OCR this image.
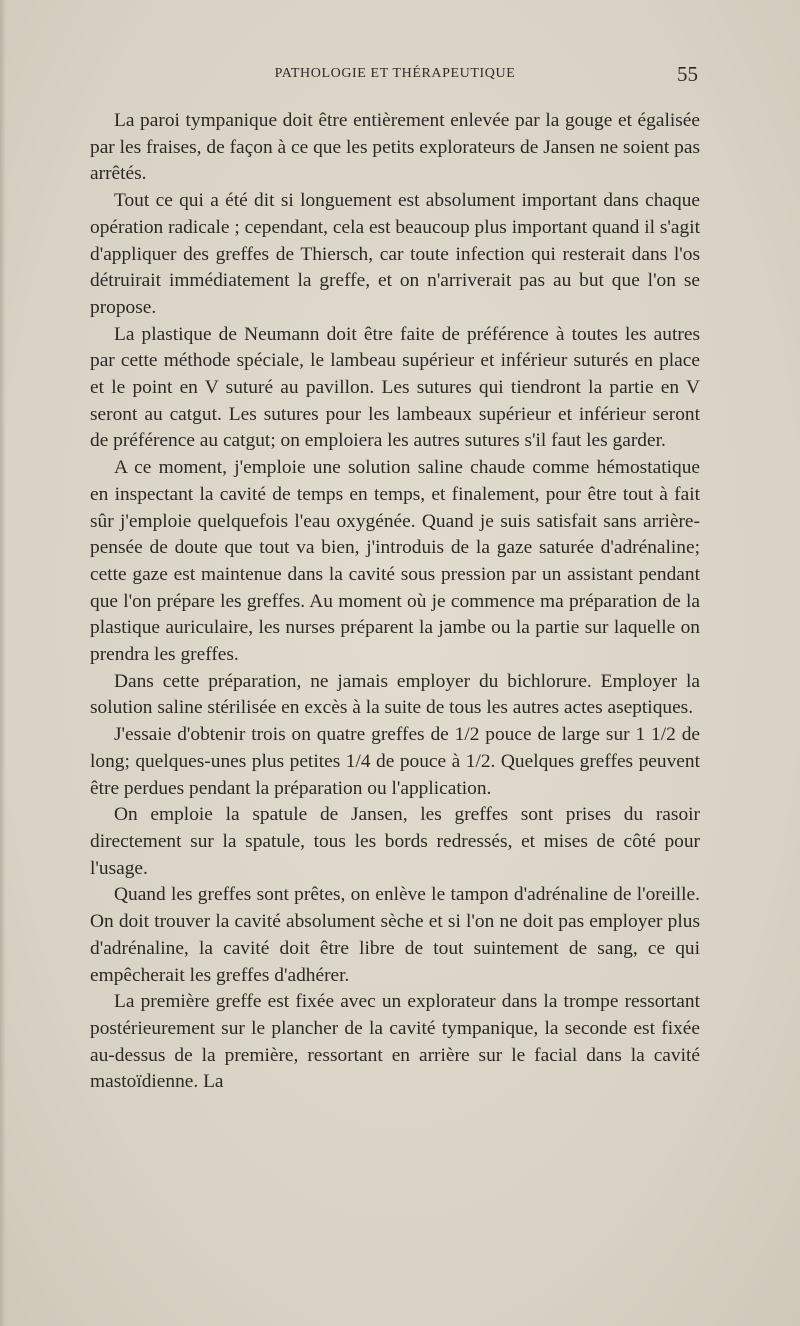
PATHOLOGIE ET THÉRAPEUTIQUE	55

La paroi tympanique doit être entièrement enlevée par la gouge et égalisée par les fraises, de façon à ce que les petits explorateurs de Jansen ne soient pas arrêtés.

Tout ce qui a été dit si longuement est absolument important dans chaque opération radicale ; cependant, cela est beaucoup plus important quand il s'agit d'appliquer des greffes de Thiersch, car toute infection qui resterait dans l'os détruirait immédiatement la greffe, et on n'arriverait pas au but que l'on se propose.

La plastique de Neumann doit être faite de préférence à toutes les autres par cette méthode spéciale, le lambeau supérieur et inférieur suturés en place et le point en V suturé au pavillon. Les sutures qui tiendront la partie en V seront au catgut. Les sutures pour les lambeaux supérieur et inférieur seront de préférence au catgut; on emploiera les autres sutures s'il faut les garder.

A ce moment, j'emploie une solution saline chaude comme hémostatique en inspectant la cavité de temps en temps, et finalement, pour être tout à fait sûr j'emploie quelquefois l'eau oxygénée. Quand je suis satisfait sans arrière-pensée de doute que tout va bien, j'introduis de la gaze saturée d'adrénaline; cette gaze est maintenue dans la cavité sous pression par un assistant pendant que l'on prépare les greffes. Au moment où je commence ma préparation de la plastique auriculaire, les nurses préparent la jambe ou la partie sur laquelle on prendra les greffes.

Dans cette préparation, ne jamais employer du bichlorure. Employer la solution saline stérilisée en excès à la suite de tous les autres actes aseptiques.

J'essaie d'obtenir trois on quatre greffes de 1/2 pouce de large sur 1 1/2 de long; quelques-unes plus petites 1/4 de pouce à 1/2. Quelques greffes peuvent être perdues pendant la préparation ou l'application.

On emploie la spatule de Jansen, les greffes sont prises du rasoir directement sur la spatule, tous les bords redressés, et mises de côté pour l'usage.

Quand les greffes sont prêtes, on enlève le tampon d'adrénaline de l'oreille. On doit trouver la cavité absolument sèche et si l'on ne doit pas employer plus d'adrénaline, la cavité doit être libre de tout suintement de sang, ce qui empêcherait les greffes d'adhérer.

La première greffe est fixée avec un explorateur dans la trompe ressortant postérieurement sur le plancher de la cavité tympanique, la seconde est fixée au-dessus de la première, ressortant en arrière sur le facial dans la cavité mastoïdienne. La
